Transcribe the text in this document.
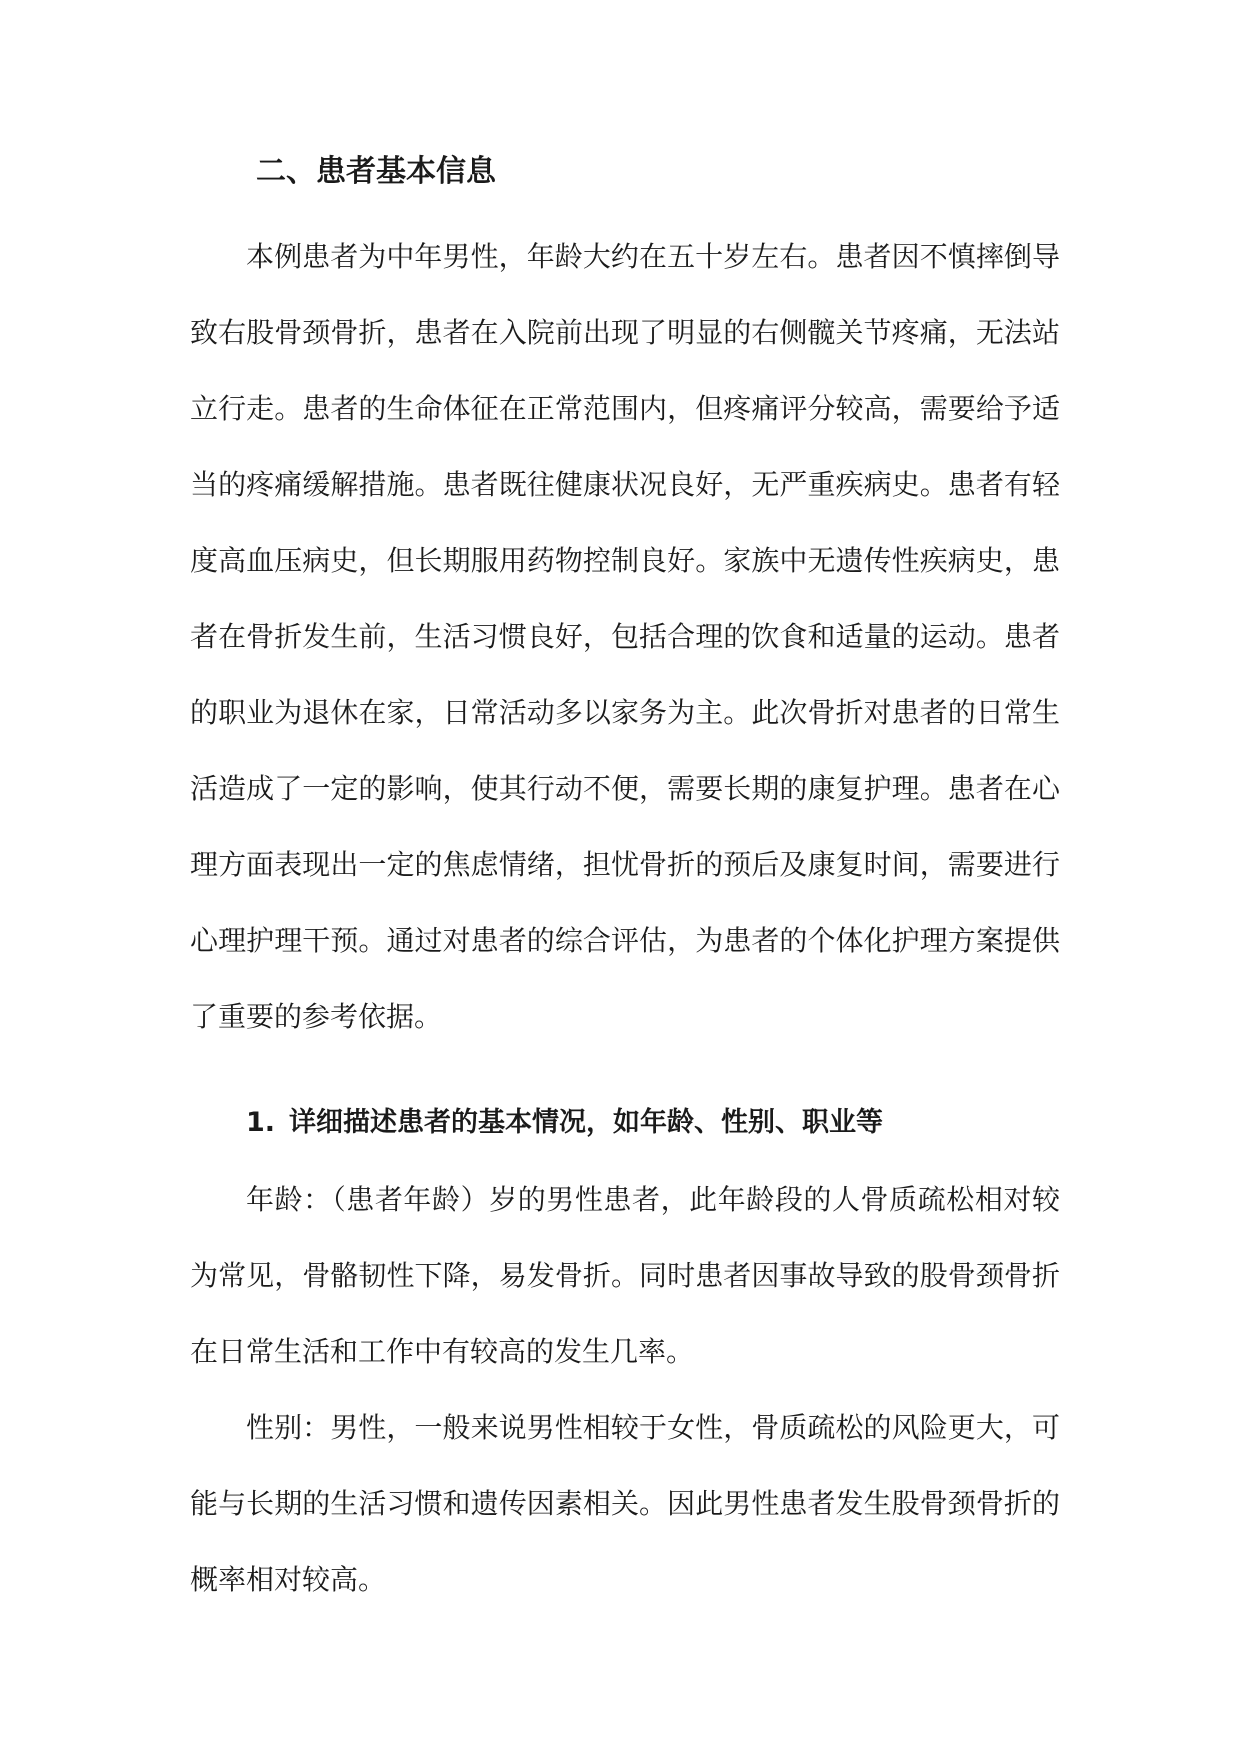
二、患者基本信息

本例患者为中年男性，年龄大约在五十岁左右。患者因不慎摔倒导致右股骨颈骨折，患者在入院前出现了明显的右侧髋关节疼痛，无法站立行走。患者的生命体征在正常范围内，但疼痛评分较高，需要给予适当的疼痛缓解措施。患者既往健康状况良好，无严重疾病史。患者有轻度高血压病史，但长期服用药物控制良好。家族中无遗传性疾病史，患者在骨折发生前，生活习惯良好，包括合理的饮食和适量的运动。患者的职业为退休在家，日常活动多以家务为主。此次骨折对患者的日常生活造成了一定的影响，使其行动不便，需要长期的康复护理。患者在心理方面表现出一定的焦虑情绪，担忧骨折的预后及康复时间，需要进行心理护理干预。通过对患者的综合评估，为患者的个体化护理方案提供了重要的参考依据。

1. 详细描述患者的基本情况，如年龄、性别、职业等

年龄：（患者年龄）岁的男性患者，此年龄段的人骨质疏松相对较为常见，骨骼韧性下降，易发骨折。同时患者因事故导致的股骨颈骨折在日常生活和工作中有较高的发生几率。

性别：男性，一般来说男性相较于女性，骨质疏松的风险更大，可能与长期的生活习惯和遗传因素相关。因此男性患者发生股骨颈骨折的概率相对较高。
